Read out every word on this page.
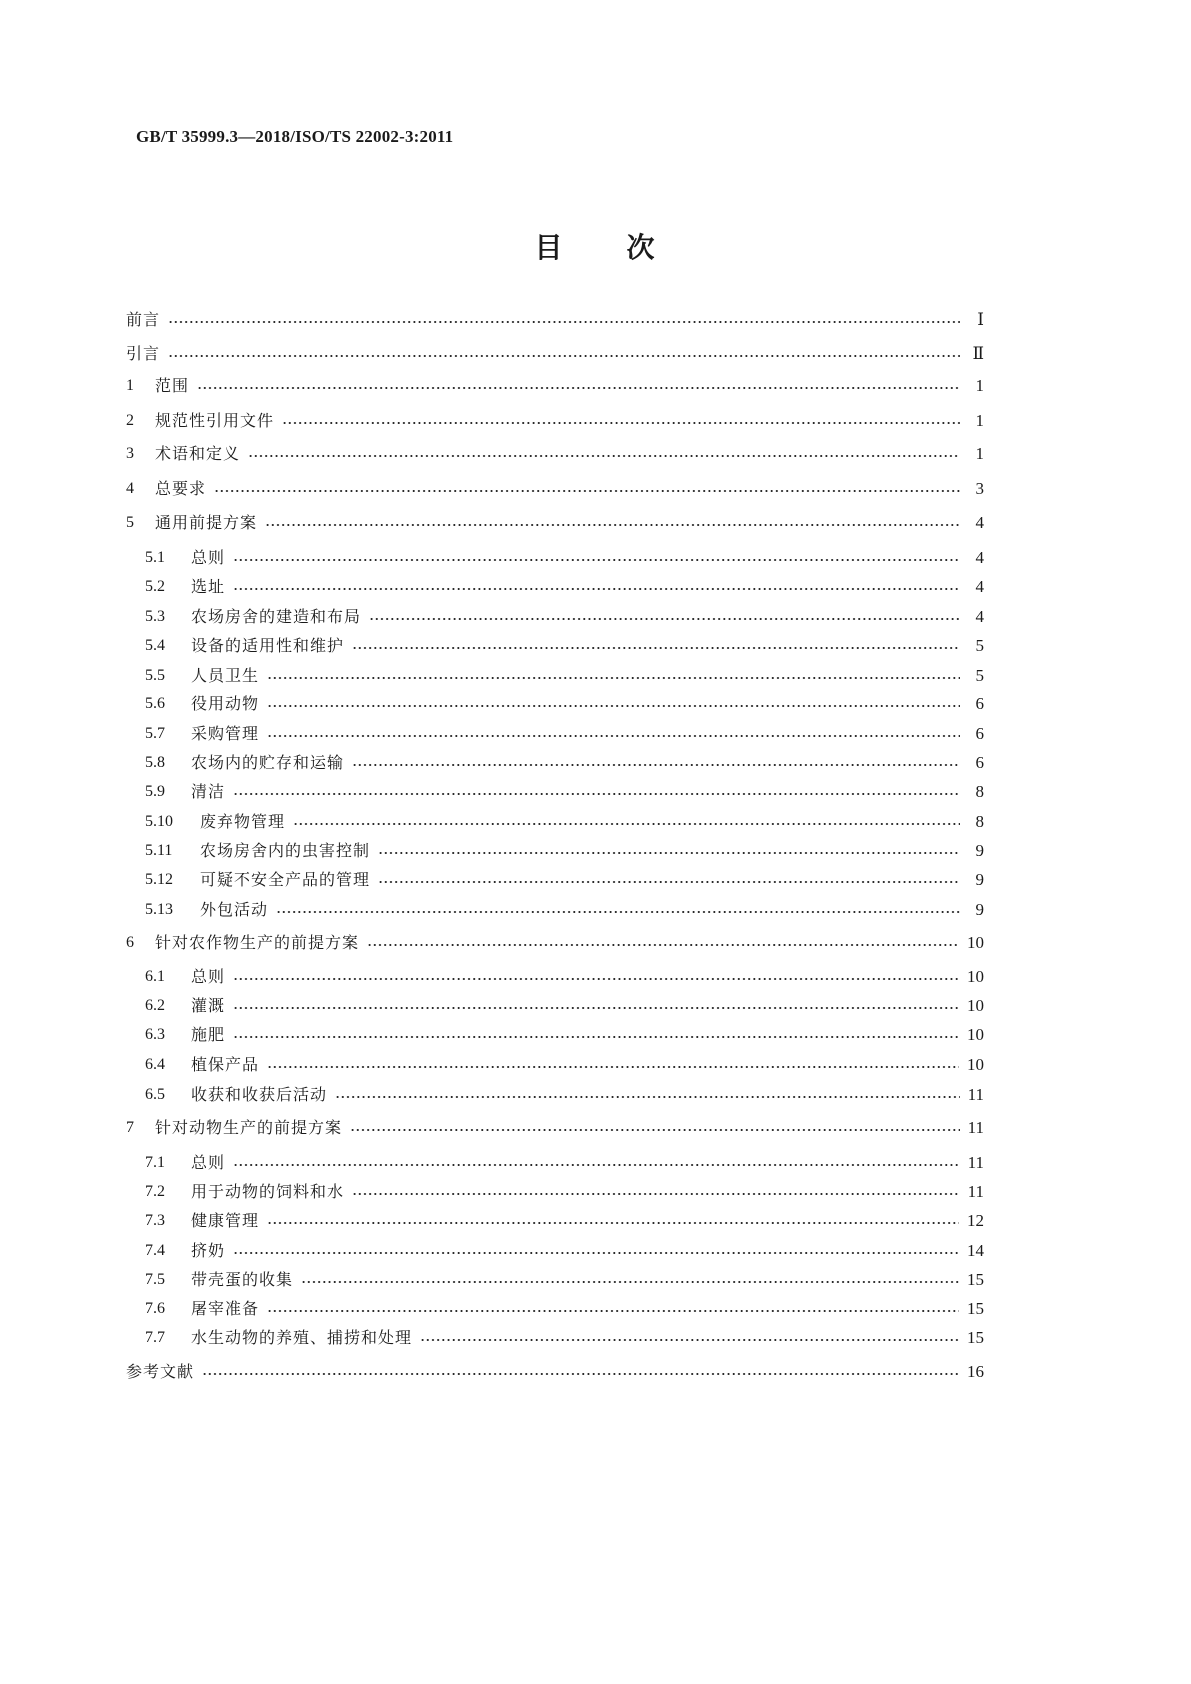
GB/T 35999.3—2018/ISO/TS 22002-3:2011
目 次
前言	Ⅰ
引言	Ⅱ
1	范围	1
2	规范性引用文件	1
3	术语和定义	1
4	总要求	3
5	通用前提方案	4
5.1	总则	4
5.2	选址	4
5.3	农场房舍的建造和布局	4
5.4	设备的适用性和维护	5
5.5	人员卫生	5
5.6	役用动物	6
5.7	采购管理	6
5.8	农场内的贮存和运输	6
5.9	清洁	8
5.10	废弃物管理	8
5.11	农场房舍内的虫害控制	9
5.12	可疑不安全产品的管理	9
5.13	外包活动	9
6	针对农作物生产的前提方案	10
6.1	总则	10
6.2	灌溉	10
6.3	施肥	10
6.4	植保产品	10
6.5	收获和收获后活动	11
7	针对动物生产的前提方案	11
7.1	总则	11
7.2	用于动物的饲料和水	11
7.3	健康管理	12
7.4	挤奶	14
7.5	带壳蛋的收集	15
7.6	屠宰准备	15
7.7	水生动物的养殖、捕捞和处理	15
参考文献	16
